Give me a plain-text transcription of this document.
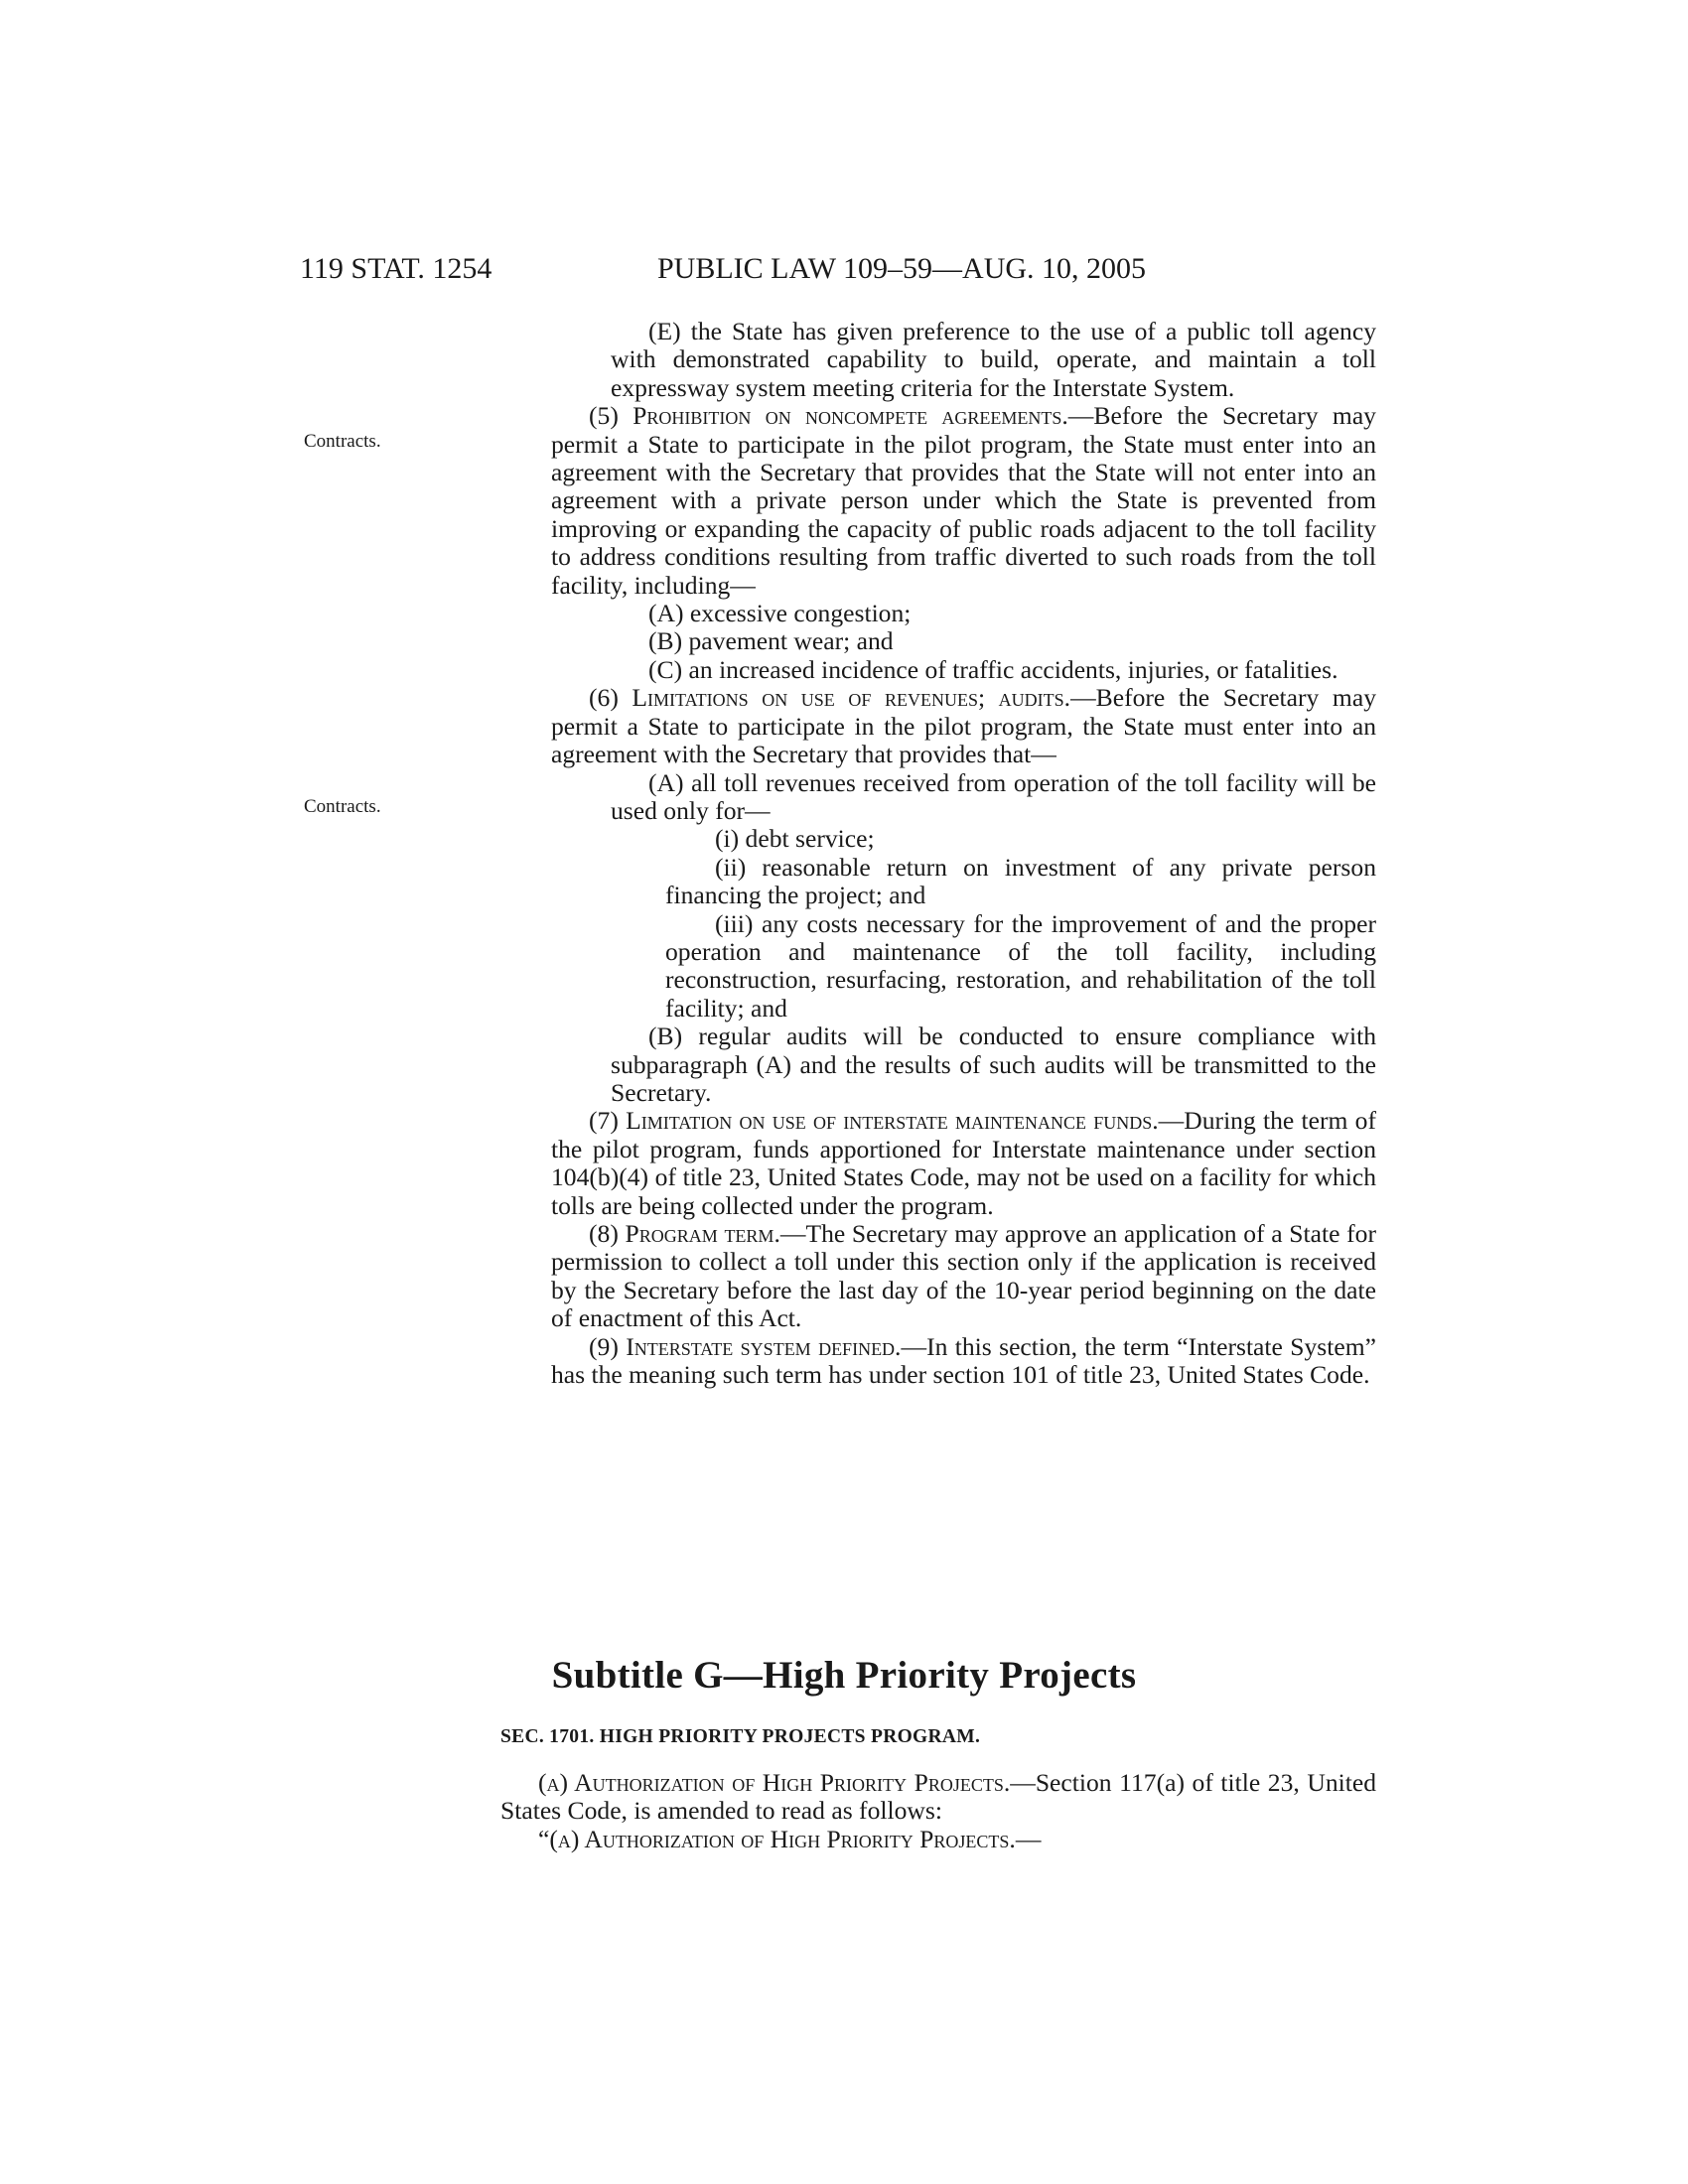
119 STAT. 1254	PUBLIC LAW 109–59—AUG. 10, 2005
Contracts.
Contracts.

(E) the State has given preference to the use of a public toll agency with demonstrated capability to build, operate, and maintain a toll expressway system meeting criteria for the Interstate System.

(5) Prohibition on noncompete agreements.—Before the Secretary may permit a State to participate in the pilot program, the State must enter into an agreement with the Secretary that provides that the State will not enter into an agreement with a private person under which the State is prevented from improving or expanding the capacity of public roads adjacent to the toll facility to address conditions resulting from traffic diverted to such roads from the toll facility, including—

(A) excessive congestion;

(B) pavement wear; and

(C) an increased incidence of traffic accidents, injuries, or fatalities.

(6) Limitations on use of revenues; audits.—Before the Secretary may permit a State to participate in the pilot program, the State must enter into an agreement with the Secretary that provides that—

(A) all toll revenues received from operation of the toll facility will be used only for—

(i) debt service;

(ii) reasonable return on investment of any private person financing the project; and

(iii) any costs necessary for the improvement of and the proper operation and maintenance of the toll facility, including reconstruction, resurfacing, restoration, and rehabilitation of the toll facility; and

(B) regular audits will be conducted to ensure compliance with subparagraph (A) and the results of such audits will be transmitted to the Secretary.

(7) Limitation on use of interstate maintenance funds.—During the term of the pilot program, funds apportioned for Interstate maintenance under section 104(b)(4) of title 23, United States Code, may not be used on a facility for which tolls are being collected under the program.

(8) Program term.—The Secretary may approve an application of a State for permission to collect a toll under this section only if the application is received by the Secretary before the last day of the 10-year period beginning on the date of enactment of this Act.

(9) Interstate system defined.—In this section, the term “Interstate System” has the meaning such term has under section 101 of title 23, United States Code.

Subtitle G—High Priority Projects
SEC. 1701. HIGH PRIORITY PROJECTS PROGRAM.

(a) Authorization of High Priority Projects.—Section 117(a) of title 23, United States Code, is amended to read as follows:

“(a) Authorization of High Priority Projects.—
